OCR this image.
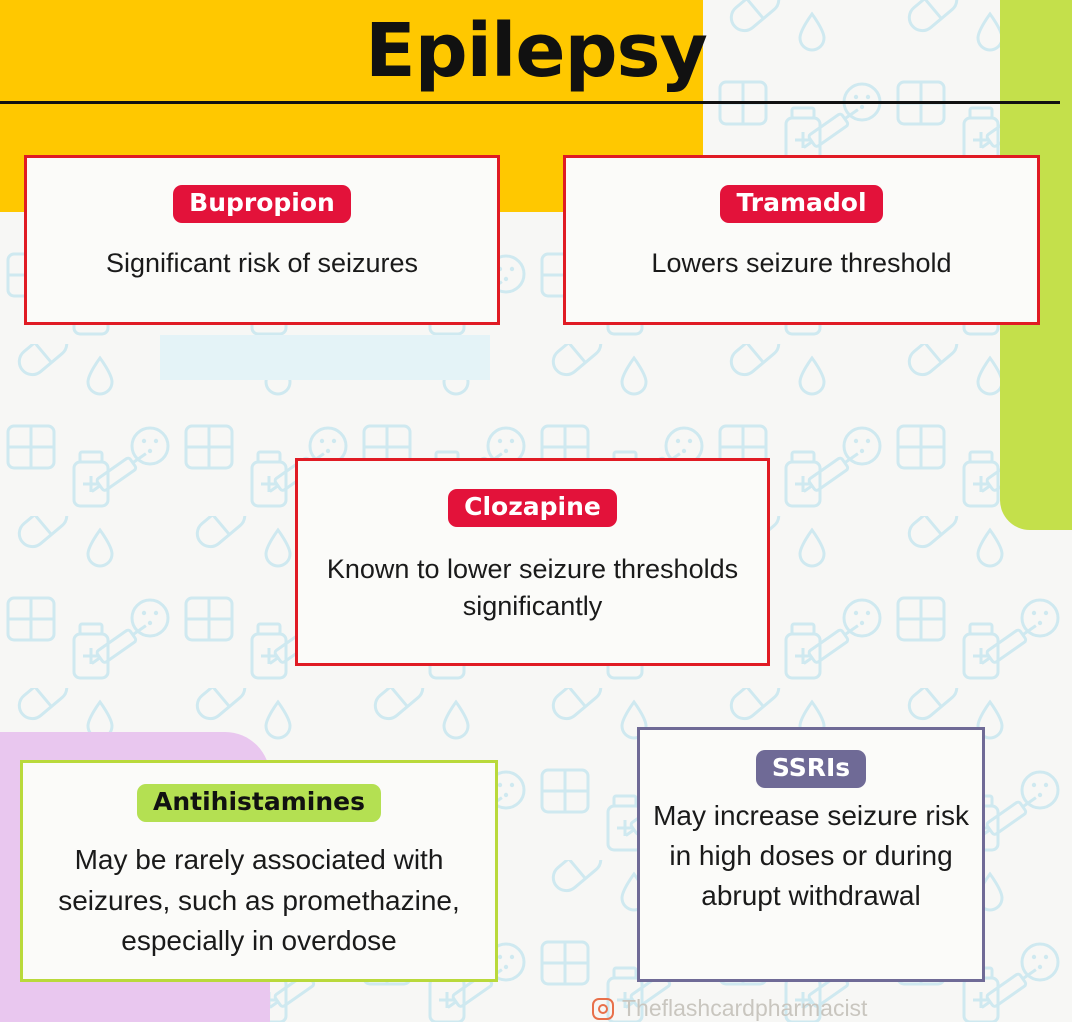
Epilepsy
Bupropion
Significant risk of seizures
Tramadol
Lowers seizure threshold
Clozapine
Known to lower seizure thresholds significantly
Antihistamines
May be rarely associated with seizures, such as promethazine, especially in overdose
SSRIs
May increase seizure risk in high doses or during abrupt withdrawal
Theflashcardpharmacist
